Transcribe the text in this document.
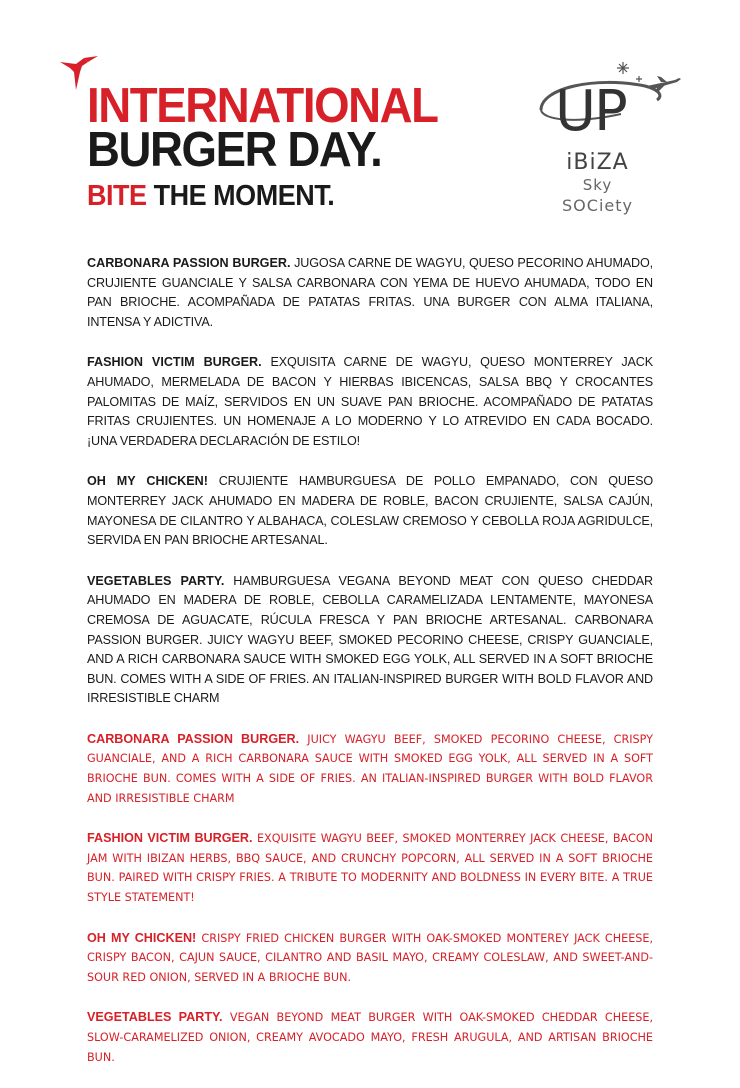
INTERNATIONAL
BURGER DAY.
BITE THE MOMENT.
UP
iBiZA
Sky
SOCiety
CARBONARA PASSION BURGER. JUGOSA CARNE DE WAGYU, QUESO PECORINO AHUMADO, CRUJIENTE GUANCIALE Y SALSA CARBONARA CON YEMA DE HUEVO AHUMADA, TODO EN PAN BRIOCHE. ACOMPAÑADA DE PATATAS FRITAS. UNA BURGER CON ALMA ITALIANA, INTENSA Y ADICTIVA.
FASHION VICTIM BURGER. EXQUISITA CARNE DE WAGYU, QUESO MONTERREY JACK AHUMADO, MERMELADA DE BACON Y HIERBAS IBICENCAS, SALSA BBQ Y CROCANTES PALOMITAS DE MAÍZ, SERVIDOS EN UN SUAVE PAN BRIOCHE. ACOMPAÑADO DE PATATAS FRITAS CRUJIENTES. UN HOMENAJE A LO MODERNO Y LO ATREVIDO EN CADA BOCADO. ¡UNA VERDADERA DECLARACIÓN DE ESTILO!
OH MY CHICKEN! CRUJIENTE HAMBURGUESA DE POLLO EMPANADO, CON QUESO MONTERREY JACK AHUMADO EN MADERA DE ROBLE, BACON CRUJIENTE, SALSA CAJÚN, MAYONESA DE CILANTRO Y ALBAHACA, COLESLAW CREMOSO Y CEBOLLA ROJA AGRIDULCE, SERVIDA EN PAN BRIOCHE ARTESANAL.
VEGETABLES PARTY. HAMBURGUESA VEGANA BEYOND MEAT CON QUESO CHEDDAR AHUMADO EN MADERA DE ROBLE, CEBOLLA CARAMELIZADA LENTAMENTE, MAYONESA CREMOSA DE AGUACATE, RÚCULA FRESCA Y PAN BRIOCHE ARTESANAL. CARBONARA PASSION BURGER. JUICY WAGYU BEEF, SMOKED PECORINO CHEESE, CRISPY GUANCIALE, AND A RICH CARBONARA SAUCE WITH SMOKED EGG YOLK, ALL SERVED IN A SOFT BRIOCHE BUN. COMES WITH A SIDE OF FRIES. AN ITALIAN-INSPIRED BURGER WITH BOLD FLAVOR AND IRRESISTIBLE CHARM
CARBONARA PASSION BURGER. JUICY WAGYU BEEF, SMOKED PECORINO CHEESE, CRISPY GUANCIALE, AND A RICH CARBONARA SAUCE WITH SMOKED EGG YOLK, ALL SERVED IN A SOFT BRIOCHE BUN. COMES WITH A SIDE OF FRIES. AN ITALIAN-INSPIRED BURGER WITH BOLD FLAVOR AND IRRESISTIBLE CHARM
FASHION VICTIM BURGER. EXQUISITE WAGYU BEEF, SMOKED MONTERREY JACK CHEESE, BACON JAM WITH IBIZAN HERBS, BBQ SAUCE, AND CRUNCHY POPCORN, ALL SERVED IN A SOFT BRIOCHE BUN. PAIRED WITH CRISPY FRIES. A TRIBUTE TO MODERNITY AND BOLDNESS IN EVERY BITE. A TRUE STYLE STATEMENT!
OH MY CHICKEN! CRISPY FRIED CHICKEN BURGER WITH OAK-SMOKED MONTEREY JACK CHEESE, CRISPY BACON, CAJUN SAUCE, CILANTRO AND BASIL MAYO, CREAMY COLESLAW, AND SWEET-AND-SOUR RED ONION, SERVED IN A BRIOCHE BUN.
VEGETABLES PARTY. VEGAN BEYOND MEAT BURGER WITH OAK-SMOKED CHEDDAR CHEESE, SLOW-CARAMELIZED ONION, CREAMY AVOCADO MAYO, FRESH ARUGULA, AND ARTISAN BRIOCHE BUN.
